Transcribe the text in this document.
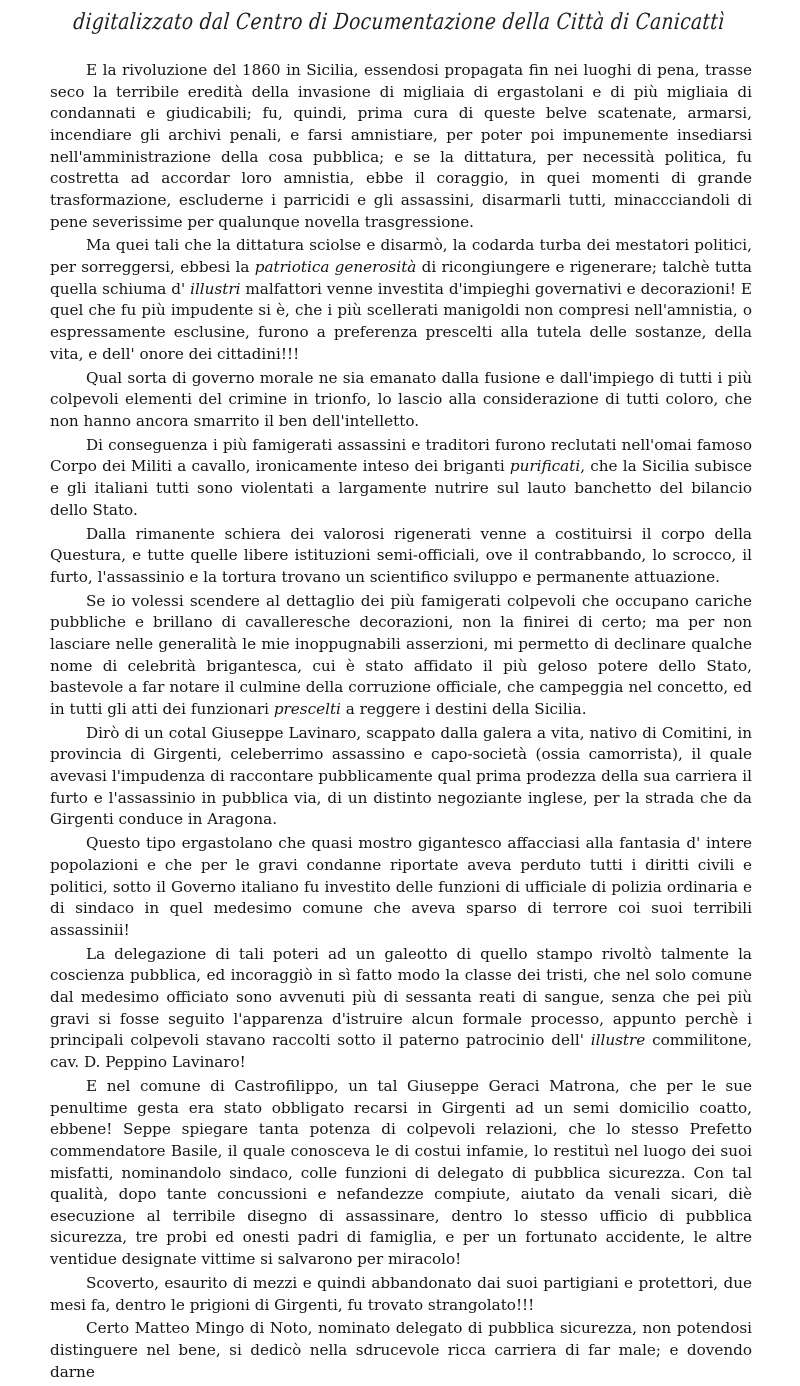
digitalizzato dal Centro di Documentazione della Città di Canicattì

E la rivoluzione del 1860 in Sicilia, essendosi propagata fin nei luoghi di pena, trasse seco la terribile eredità della invasione di migliaia di ergastolani e di più migliaia di condannati e giudicabili; fu, quindi, prima cura di queste belve scatenate, armarsi, incendiare gli archivi penali, e farsi amnistiare, per poter poi impunemente insediarsi nell'amministrazione della cosa pubblica; e se la dittatura, per necessità politica, fu costretta ad accordar loro amnistia, ebbe il coraggio, in quei momenti di grande trasformazione, escluderne i parricidi e gli assassini, disarmarli tutti, minaccciandoli di pene severissime per qualunque novella trasgressione.

Ma quei tali che la dittatura sciolse e disarmò, la codarda turba dei mestatori politici, per sorreggersi, ebbesi la patriotica generosità di ricongiungere e rigenerare; talchè tutta quella schiuma d' illustri malfattori venne investita d'impieghi governativi e decorazioni! E quel che fu più impudente si è, che i più scellerati manigoldi non compresi nell'amnistia, o espressamente esclusine, furono a preferenza prescelti alla tutela delle sostanze, della vita, e dell' onore dei cittadini!!!

Qual sorta di governo morale ne sia emanato dalla fusione e dall'impiego di tutti i più colpevoli elementi del crimine in trionfo, lo lascio alla considerazione di tutti coloro, che non hanno ancora smarrito il ben dell'intelletto.

Di conseguenza i più famigerati assassini e traditori furono reclutati nell'omai famoso Corpo dei Militi a cavallo, ironicamente inteso dei briganti purificati, che la Sicilia subisce e gli italiani tutti sono violentati a largamente nutrire sul lauto banchetto del bilancio dello Stato.

Dalla rimanente schiera dei valorosi rigenerati venne a costituirsi il corpo della Questura, e tutte quelle libere istituzioni semi-officiali, ove il contrabbando, lo scrocco, il furto, l'assassinio e la tortura trovano un scientifico sviluppo e permanente attuazione.

Se io volessi scendere al dettaglio dei più famigerati colpevoli che occupano cariche pubbliche e brillano di cavalleresche decorazioni, non la finirei di certo; ma per non lasciare nelle generalità le mie inoppugnabili asserzioni, mi permetto di declinare qualche nome di celebrità brigantesca, cui è stato affidato il più geloso potere dello Stato, bastevole a far notare il culmine della corruzione officiale, che campeggia nel concetto, ed in tutti gli atti dei funzionari prescelti a reggere i destini della Sicilia.

Dirò di un cotal Giuseppe Lavinaro, scappato dalla galera a vita, nativo di Comitini, in provincia di Girgenti, celeberrimo assassino e capo-società (ossia camorrista), il quale avevasi l'impudenza di raccontare pubblicamente qual prima prodezza della sua carriera il furto e l'assassinio in pubblica via, di un distinto negoziante inglese, per la strada che da Girgenti conduce in Aragona.

Questo tipo ergastolano che quasi mostro gigantesco affacciasi alla fantasia d' intere popolazioni e che per le gravi condanne riportate aveva perduto tutti i diritti civili e politici, sotto il Governo italiano fu investito delle funzioni di ufficiale di polizia ordinaria e di sindaco in quel medesimo comune che aveva sparso di terrore coi suoi terribili assassinii!

La delegazione di tali poteri ad un galeotto di quello stampo rivoltò talmente la coscienza pubblica, ed incoraggiò in sì fatto modo la classe dei tristi, che nel solo comune dal medesimo officiato sono avvenuti più di sessanta reati di sangue, senza che pei più gravi si fosse seguito l'apparenza d'istruire alcun formale processo, appunto perchè i principali colpevoli stavano raccolti sotto il paterno patrocinio dell' illustre commilitone, cav. D. Peppino Lavinaro!

E nel comune di Castrofilippo, un tal Giuseppe Geraci Matrona, che per le sue penultime gesta era stato obbligato recarsi in Girgenti ad un semi domicilio coatto, ebbene! Seppe spiegare tanta potenza di colpevoli relazioni, che lo stesso Prefetto commendatore Basile, il quale conosceva le di costui infamie, lo restituì nel luogo dei suoi misfatti, nominandolo sindaco, colle funzioni di delegato di pubblica sicurezza. Con tal qualità, dopo tante concussioni e nefandezze compiute, aiutato da venali sicari, diè esecuzione al terribile disegno di assassinare, dentro lo stesso ufficio di pubblica sicurezza, tre probi ed onesti padri di famiglia, e per un fortunato accidente, le altre ventidue designate vittime si salvarono per miracolo!

Scoverto, esaurito di mezzi e quindi abbandonato dai suoi partigiani e protettori, due mesi fa, dentro le prigioni di Girgenti, fu trovato strangolato!!!

Certo Matteo Mingo di Noto, nominato delegato di pubblica sicurezza, non potendosi distinguere nel bene, si dedicò nella sdrucevole ricca carriera di far male; e dovendo darne
